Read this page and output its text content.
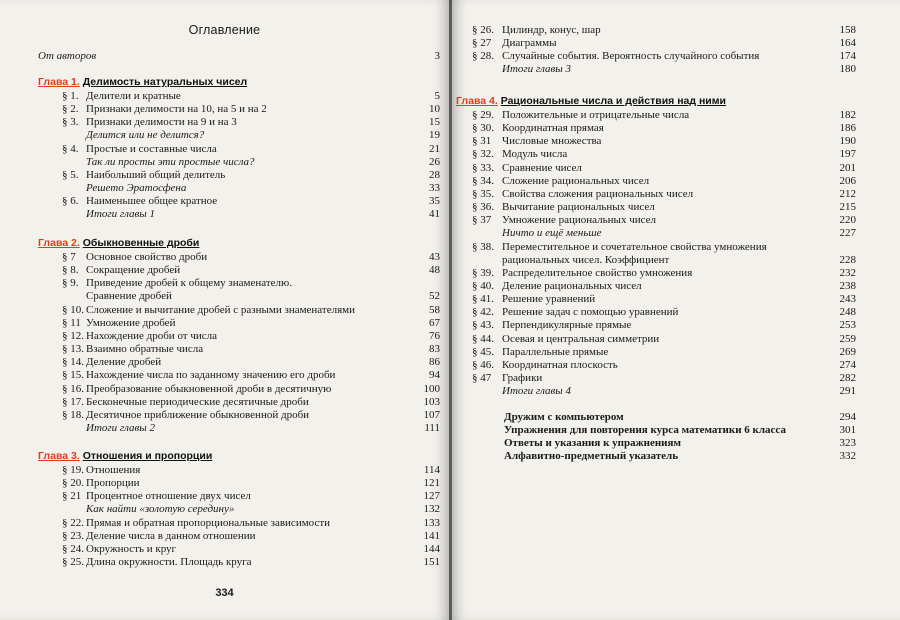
Оглавление
От авторов	3
Глава 1. Делимость натуральных чисел
§ 1. Делители и кратные	5
§ 2. Признаки делимости на 10, на 5 и на 2	10
§ 3. Признаки делимости на 9 и на 3	15
Делится или не делится?	19
§ 4. Простые и составные числа	21
Так ли просты эти простые числа?	26
§ 5. Наибольший общий делитель	28
Решето Эратосфена	33
§ 6. Наименьшее общее кратное	35
Итоги главы 1	41
Глава 2. Обыкновенные дроби
§ 7 Основное свойство дроби	43
§ 8. Сокращение дробей	48
§ 9. Приведение дробей к общему знаменателю.
Сравнение дробей	52
§ 10. Сложение и вычитание дробей с разными знаменателями	58
§ 11 Умножение дробей	67
§ 12. Нахождение дроби от числа	76
§ 13. Взаимно обратные числа	83
§ 14. Деление дробей	86
§ 15. Нахождение числа по заданному значению его дроби	94
§ 16. Преобразование обыкновенной дроби в десятичную	100
§ 17. Бесконечные периодические десятичные дроби	103
§ 18. Десятичное приближение обыкновенной дроби	107
Итоги главы 2	111
Глава 3. Отношения и пропорции
§ 19. Отношения	114
§ 20. Пропорции	121
§ 21 Процентное отношение двух чисел	127
Как найти «золотую середину»	132
§ 22. Прямая и обратная пропорциональные зависимости	133
§ 23. Деление числа в данном отношении	141
§ 24. Окружность и круг	144
§ 25. Длина окружности. Площадь круга	151
334
§ 26. Цилиндр, конус, шар	158
§ 27 Диаграммы	164
§ 28. Случайные события. Вероятность случайного события	174
Итоги главы 3	180
Глава 4. Рациональные числа и действия над ними
§ 29. Положительные и отрицательные числа	182
§ 30. Координатная прямая	186
§ 31 Числовые множества	190
§ 32. Модуль числа	197
§ 33. Сравнение чисел	201
§ 34. Сложение рациональных чисел	206
§ 35. Свойства сложения рациональных чисел	212
§ 36. Вычитание рациональных чисел	215
§ 37 Умножение рациональных чисел	220
Ничто и ещё меньше	227
§ 38. Переместительное и сочетательное свойства умножения
рациональных чисел. Коэффициент	228
§ 39. Распределительное свойство умножения	232
§ 40. Деление рациональных чисел	238
§ 41. Решение уравнений	243
§ 42. Решение задач с помощью уравнений	248
§ 43. Перпендикулярные прямые	253
§ 44. Осевая и центральная симметрии	259
§ 45. Параллельные прямые	269
§ 46. Координатная плоскость	274
§ 47 Графики	282
Итоги главы 4	291
Дружим с компьютером	294
Упражнения для повторения курса математики 6 класса	301
Ответы и указания к упражнениям	323
Алфавитно-предметный указатель	332
